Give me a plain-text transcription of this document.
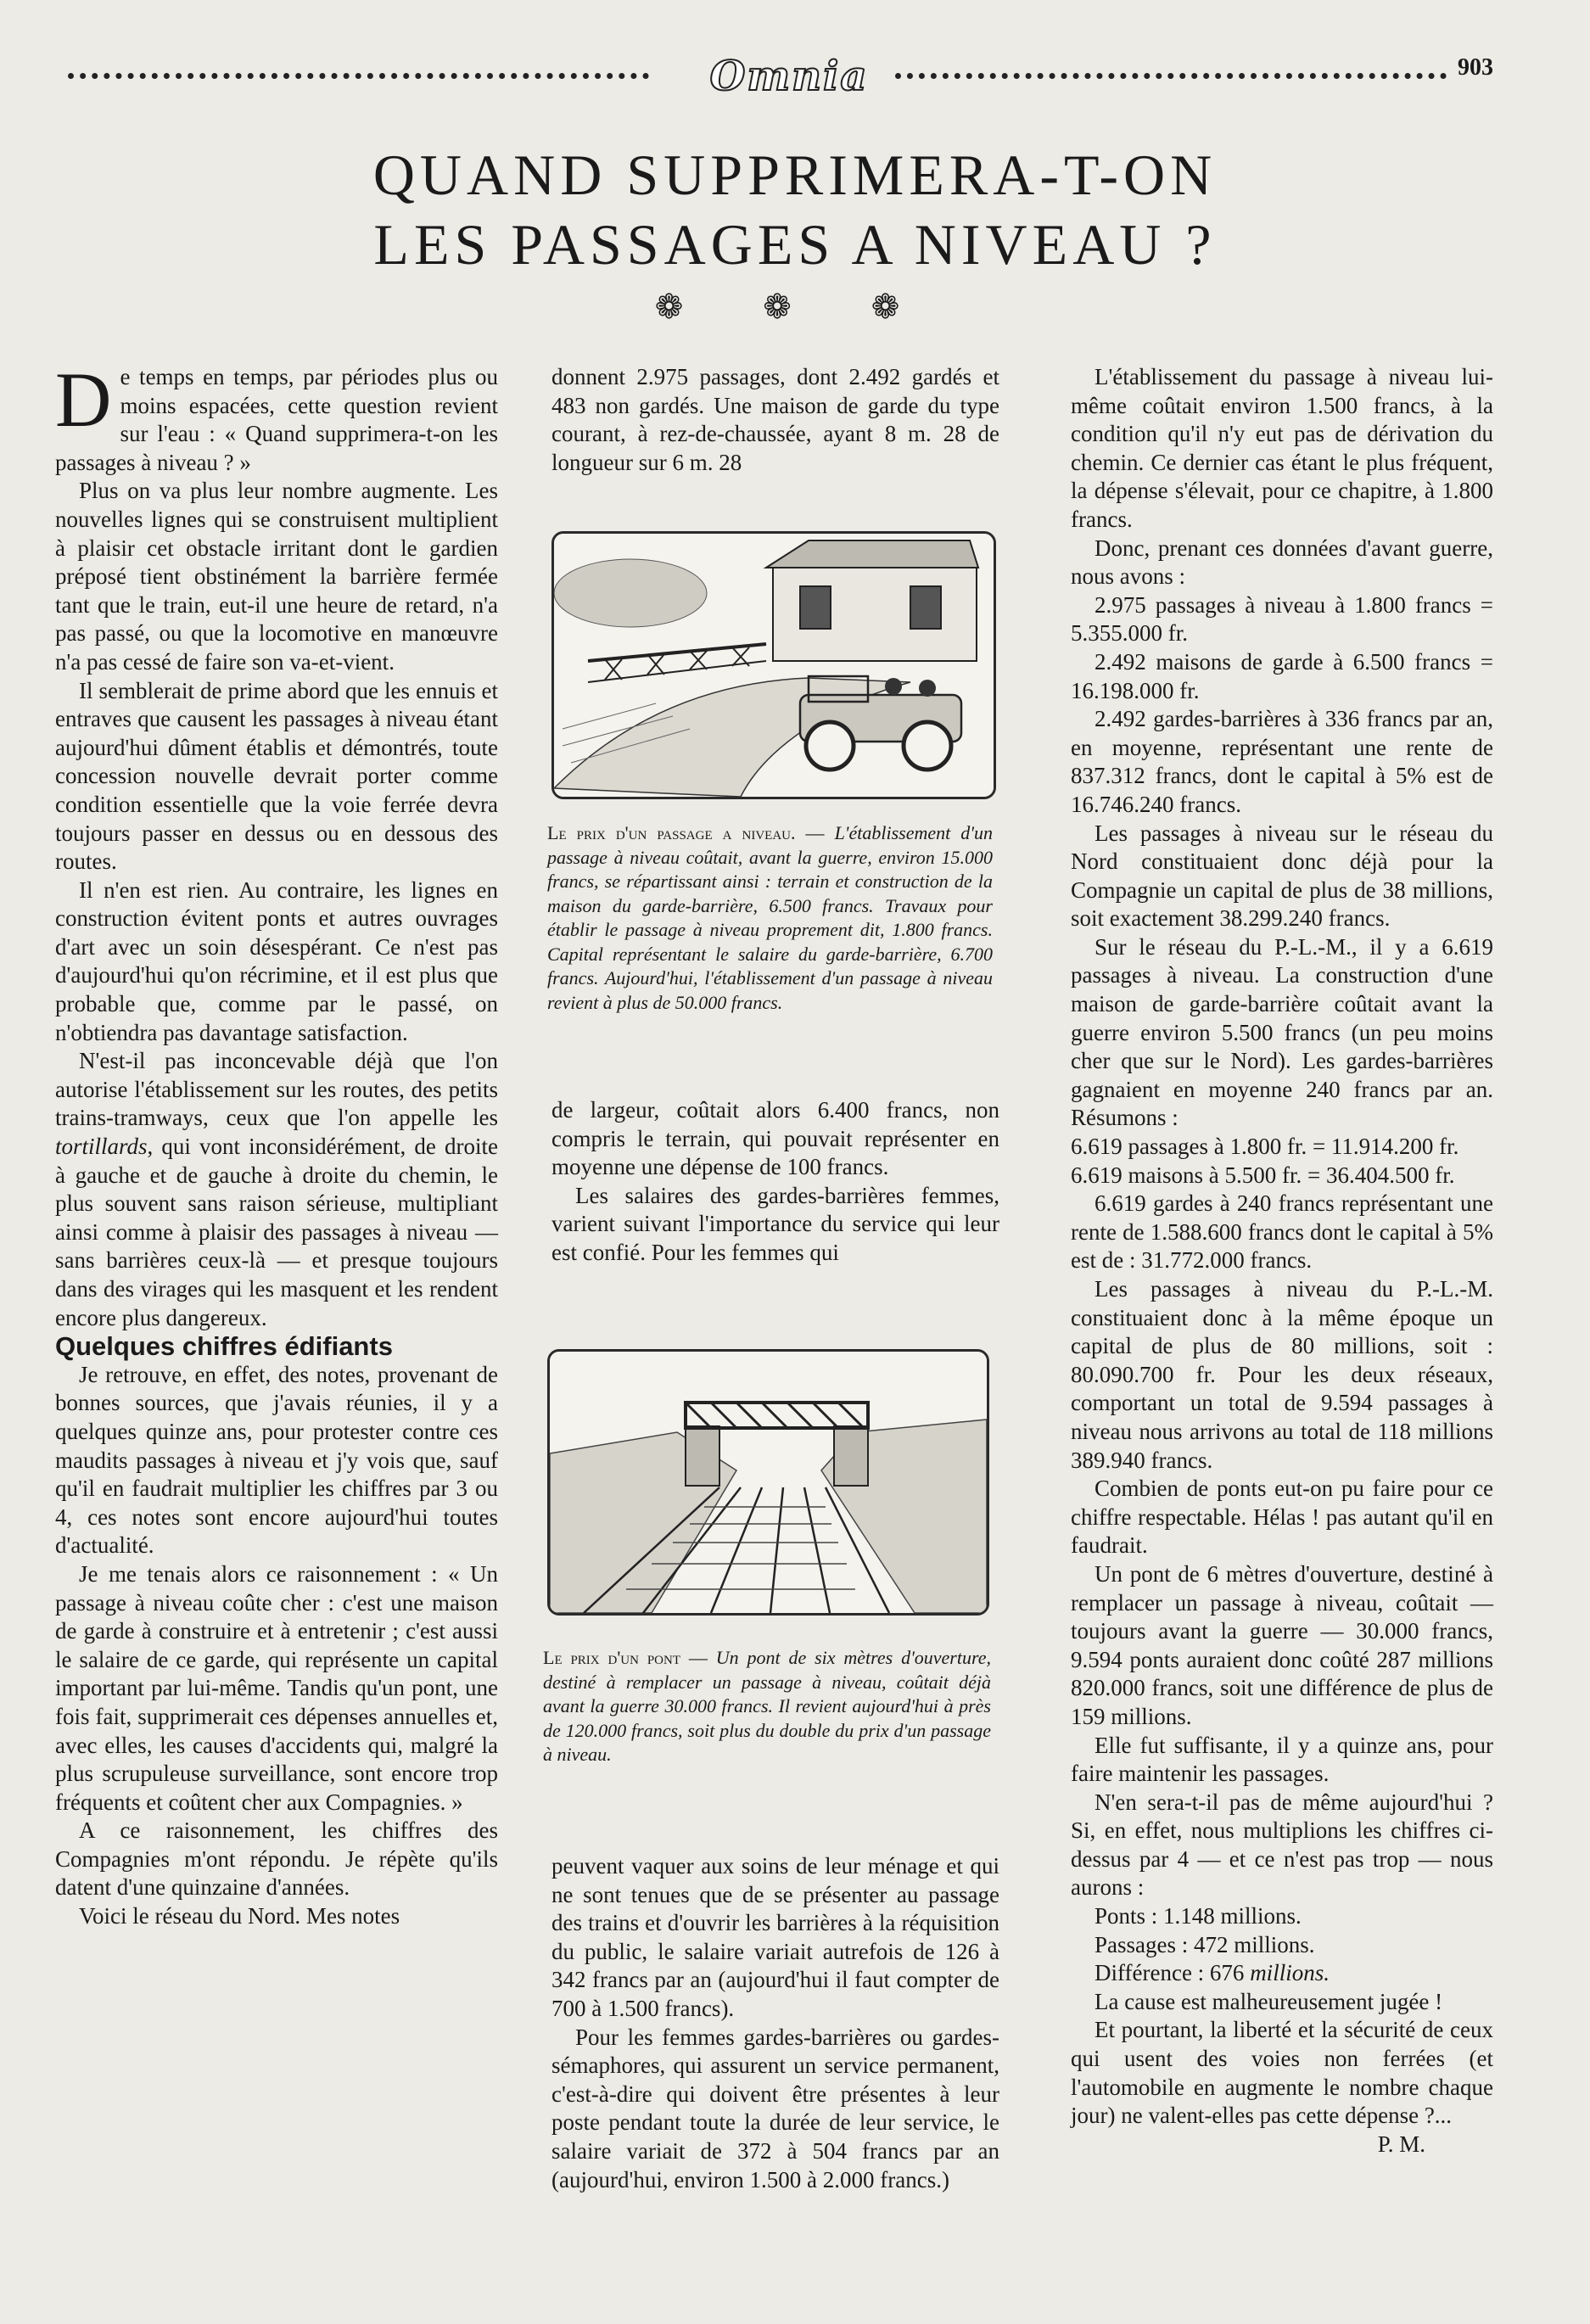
Omnia	903
QUAND SUPPRIMERA-T-ON
LES PASSAGES A NIVEAU ?
❁ ❁ ❁

De temps en temps, par périodes plus ou moins espacées, cette question revient sur l'eau : « Quand supprimera-t-on les passages à niveau ? »

Plus on va plus leur nombre augmente. Les nouvelles lignes qui se construisent multiplient à plaisir cet obstacle irritant dont le gardien préposé tient obstinément la barrière fermée tant que le train, eut-il une heure de retard, n'a pas passé, ou que la locomotive en manœuvre n'a pas cessé de faire son va-et-vient.

Il semblerait de prime abord que les ennuis et entraves que causent les passages à niveau étant aujourd'hui dûment établis et démontrés, toute concession nouvelle devrait porter comme condition essentielle que la voie ferrée devra toujours passer en dessus ou en dessous des routes.

Il n'en est rien. Au contraire, les lignes en construction évitent ponts et autres ouvrages d'art avec un soin désespérant. Ce n'est pas d'aujourd'hui qu'on récrimine, et il est plus que probable que, comme par le passé, on n'obtiendra pas davantage satisfaction.

N'est-il pas inconcevable déjà que l'on autorise l'établissement sur les routes, des petits trains-tramways, ceux que l'on appelle les tortillards, qui vont inconsidérément, de droite à gauche et de gauche à droite du chemin, le plus souvent sans raison sérieuse, multipliant ainsi comme à plaisir des passages à niveau — sans barrières ceux-là — et presque toujours dans des virages qui les masquent et les rendent encore plus dangereux.

Quelques chiffres édifiants

Je retrouve, en effet, des notes, provenant de bonnes sources, que j'avais réunies, il y a quelques quinze ans, pour protester contre ces maudits passages à niveau et j'y vois que, sauf qu'il en faudrait multiplier les chiffres par 3 ou 4, ces notes sont encore aujourd'hui toutes d'actualité.

Je me tenais alors ce raisonnement : « Un passage à niveau coûte cher : c'est une maison de garde à construire et à entretenir ; c'est aussi le salaire de ce garde, qui représente un capital important par lui-même. Tandis qu'un pont, une fois fait, supprimerait ces dépenses annuelles et, avec elles, les causes d'accidents qui, malgré la plus scrupuleuse surveillance, sont encore trop fréquents et coûtent cher aux Compagnies. »

A ce raisonnement, les chiffres des Compagnies m'ont répondu. Je répète qu'ils datent d'une quinzaine d'années.

Voici le réseau du Nord. Mes notes

donnent 2.975 passages, dont 2.492 gardés et 483 non gardés. Une maison de garde du type courant, à rez-de-chaussée, ayant 8 m. 28 de longueur sur 6 m. 28

Le prix d'un passage a niveau. — L'établissement d'un passage à niveau coûtait, avant la guerre, environ 15.000 francs, se répartissant ainsi : terrain et construction de la maison du garde-barrière, 6.500 francs. Travaux pour établir le passage à niveau proprement dit, 1.800 francs. Capital représentant le salaire du garde-barrière, 6.700 francs. Aujourd'hui, l'établissement d'un passage à niveau revient à plus de 50.000 francs.

de largeur, coûtait alors 6.400 francs, non compris le terrain, qui pouvait représenter en moyenne une dépense de 100 francs.

Les salaires des gardes-barrières femmes, varient suivant l'importance du service qui leur est confié. Pour les femmes qui

Le prix d'un pont — Un pont de six mètres d'ouverture, destiné à remplacer un passage à niveau, coûtait déjà avant la guerre 30.000 francs. Il revient aujourd'hui à près de 120.000 francs, soit plus du double du prix d'un passage à niveau.

peuvent vaquer aux soins de leur ménage et qui ne sont tenues que de se présenter au passage des trains et d'ouvrir les barrières à la réquisition du public, le salaire variait autrefois de 126 à 342 francs par an (aujourd'hui il faut compter de 700 à 1.500 francs).

Pour les femmes gardes-barrières ou gardes-sémaphores, qui assurent un service permanent, c'est-à-dire qui doivent être présentes à leur poste pendant toute la durée de leur service, le salaire variait de 372 à 504 francs par an (aujourd'hui, environ 1.500 à 2.000 francs.)

L'établissement du passage à niveau lui-même coûtait environ 1.500 francs, à la condition qu'il n'y eut pas de dérivation du chemin. Ce dernier cas étant le plus fréquent, la dépense s'élevait, pour ce chapitre, à 1.800 francs.

Donc, prenant ces données d'avant guerre, nous avons :

2.975 passages à niveau à 1.800 francs = 5.355.000 fr.

2.492 maisons de garde à 6.500 francs = 16.198.000 fr.

2.492 gardes-barrières à 336 francs par an, en moyenne, représentant une rente de 837.312 francs, dont le capital à 5% est de 16.746.240 francs.

Les passages à niveau sur le réseau du Nord constituaient donc déjà pour la Compagnie un capital de plus de 38 millions, soit exactement 38.299.240 francs.

Sur le réseau du P.-L.-M., il y a 6.619 passages à niveau. La construction d'une maison de garde-barrière coûtait avant la guerre environ 5.500 francs (un peu moins cher que sur le Nord). Les gardes-barrières gagnaient en moyenne 240 francs par an. Résumons :

6.619 passages à 1.800 fr. = 11.914.200 fr.

6.619 maisons à 5.500 fr. = 36.404.500 fr.

6.619 gardes à 240 francs représentant une rente de 1.588.600 francs dont le capital à 5% est de : 31.772.000 francs.

Les passages à niveau du P.-L.-M. constituaient donc à la même époque un capital de plus de 80 millions, soit : 80.090.700 fr. Pour les deux réseaux, comportant un total de 9.594 passages à niveau nous arrivons au total de 118 millions 389.940 francs.

Combien de ponts eut-on pu faire pour ce chiffre respectable. Hélas ! pas autant qu'il en faudrait.

Un pont de 6 mètres d'ouverture, destiné à remplacer un passage à niveau, coûtait — toujours avant la guerre — 30.000 francs, 9.594 ponts auraient donc coûté 287 millions 820.000 francs, soit une différence de plus de 159 millions.

Elle fut suffisante, il y a quinze ans, pour faire maintenir les passages.

N'en sera-t-il pas de même aujourd'hui ? Si, en effet, nous multiplions les chiffres ci-dessus par 4 — et ce n'est pas trop — nous aurons :

Ponts : 1.148 millions.

Passages : 472 millions.

Différence : 676 millions.

La cause est malheureusement jugée !

Et pourtant, la liberté et la sécurité de ceux qui usent des voies non ferrées (et l'automobile en augmente le nombre chaque jour) ne valent-elles pas cette dépense ?...

P. M.
